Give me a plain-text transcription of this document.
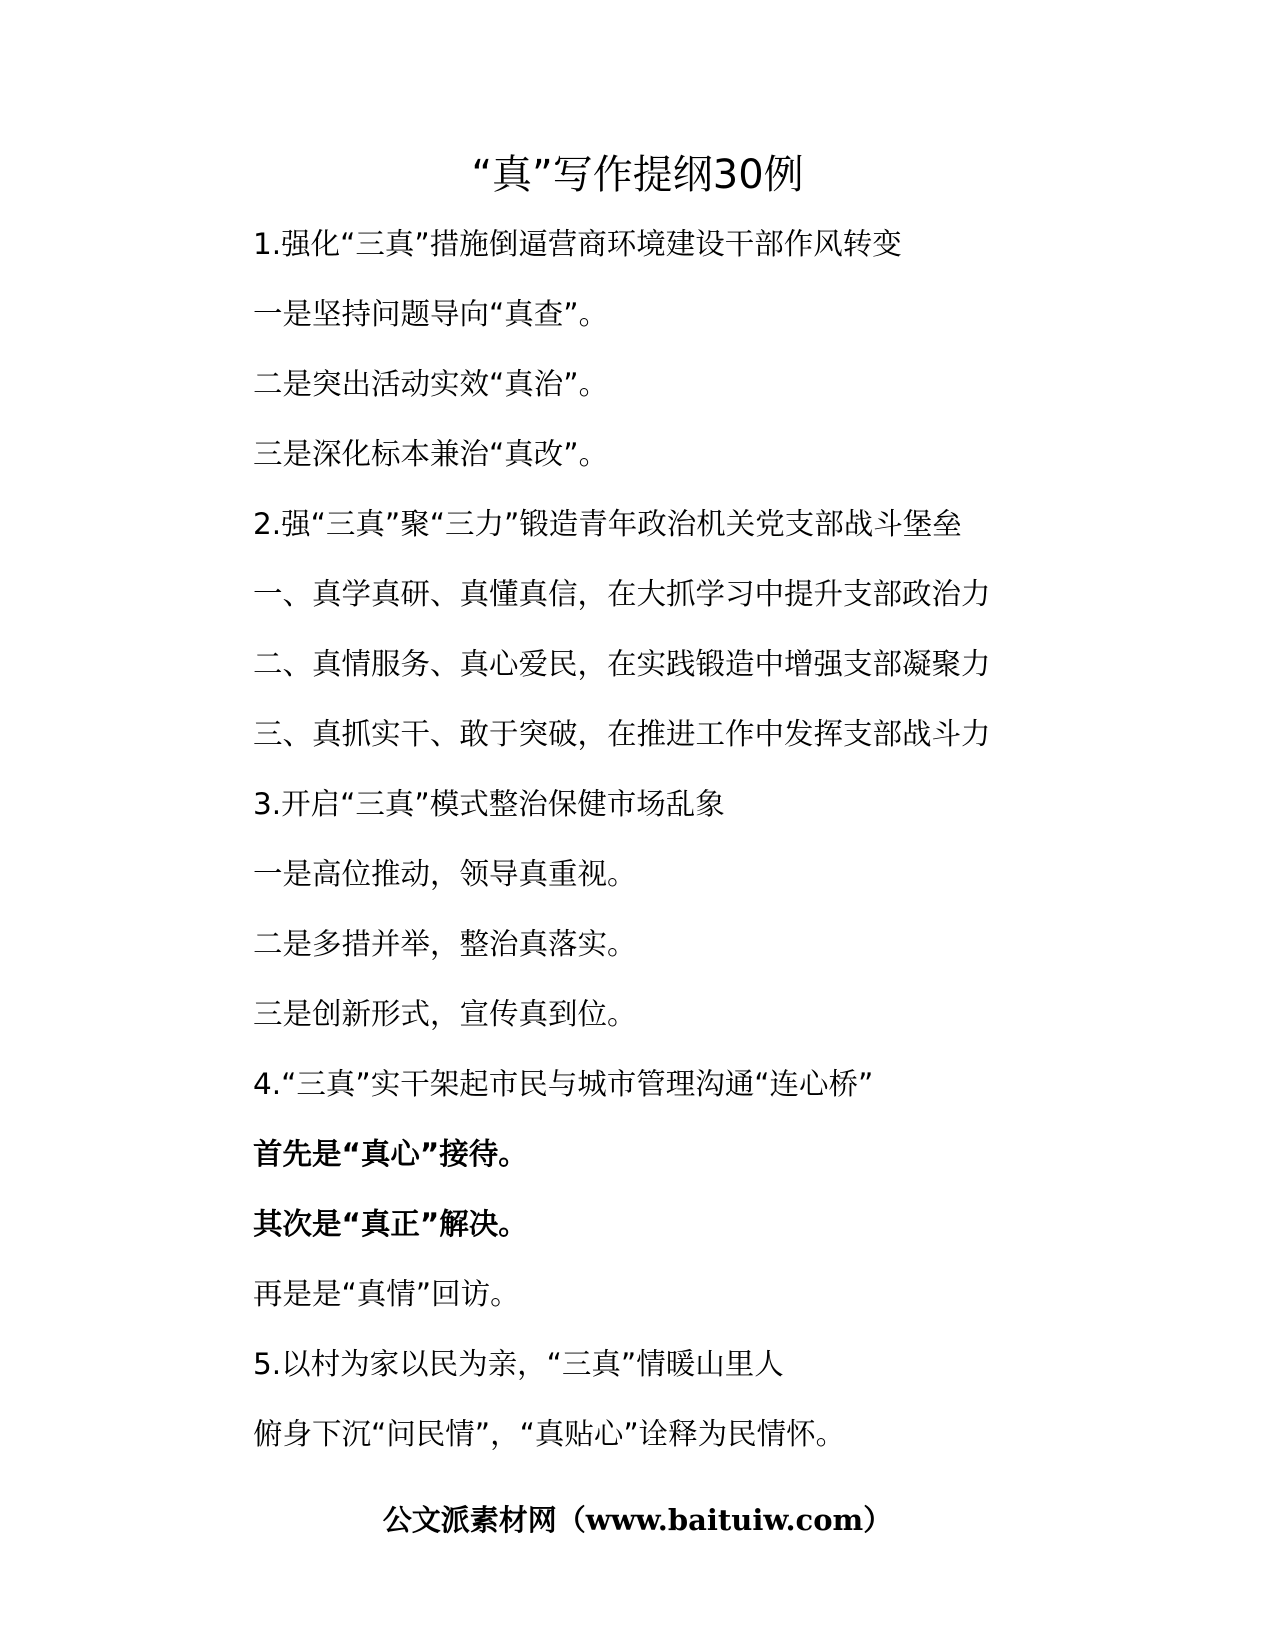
“真”写作提纲30例
1.强化“三真”措施倒逼营商环境建设干部作风转变
一是坚持问题导向“真查”。
二是突出活动实效“真治”。
三是深化标本兼治“真改”。
2.强“三真”聚“三力”锻造青年政治机关党支部战斗堡垒
一、真学真研、真懂真信，在大抓学习中提升支部政治力
二、真情服务、真心爱民，在实践锻造中增强支部凝聚力
三、真抓实干、敢于突破，在推进工作中发挥支部战斗力
3.开启“三真”模式整治保健市场乱象
一是高位推动，领导真重视。
二是多措并举，整治真落实。
三是创新形式，宣传真到位。
4.“三真”实干架起市民与城市管理沟通“连心桥”
首先是“真心”接待。
其次是“真正”解决。
再是是“真情”回访。
5.以村为家以民为亲，“三真”情暖山里人
俯身下沉“问民情”，“真贴心”诠释为民情怀。
公文派素材网（www.baituiw.com）
